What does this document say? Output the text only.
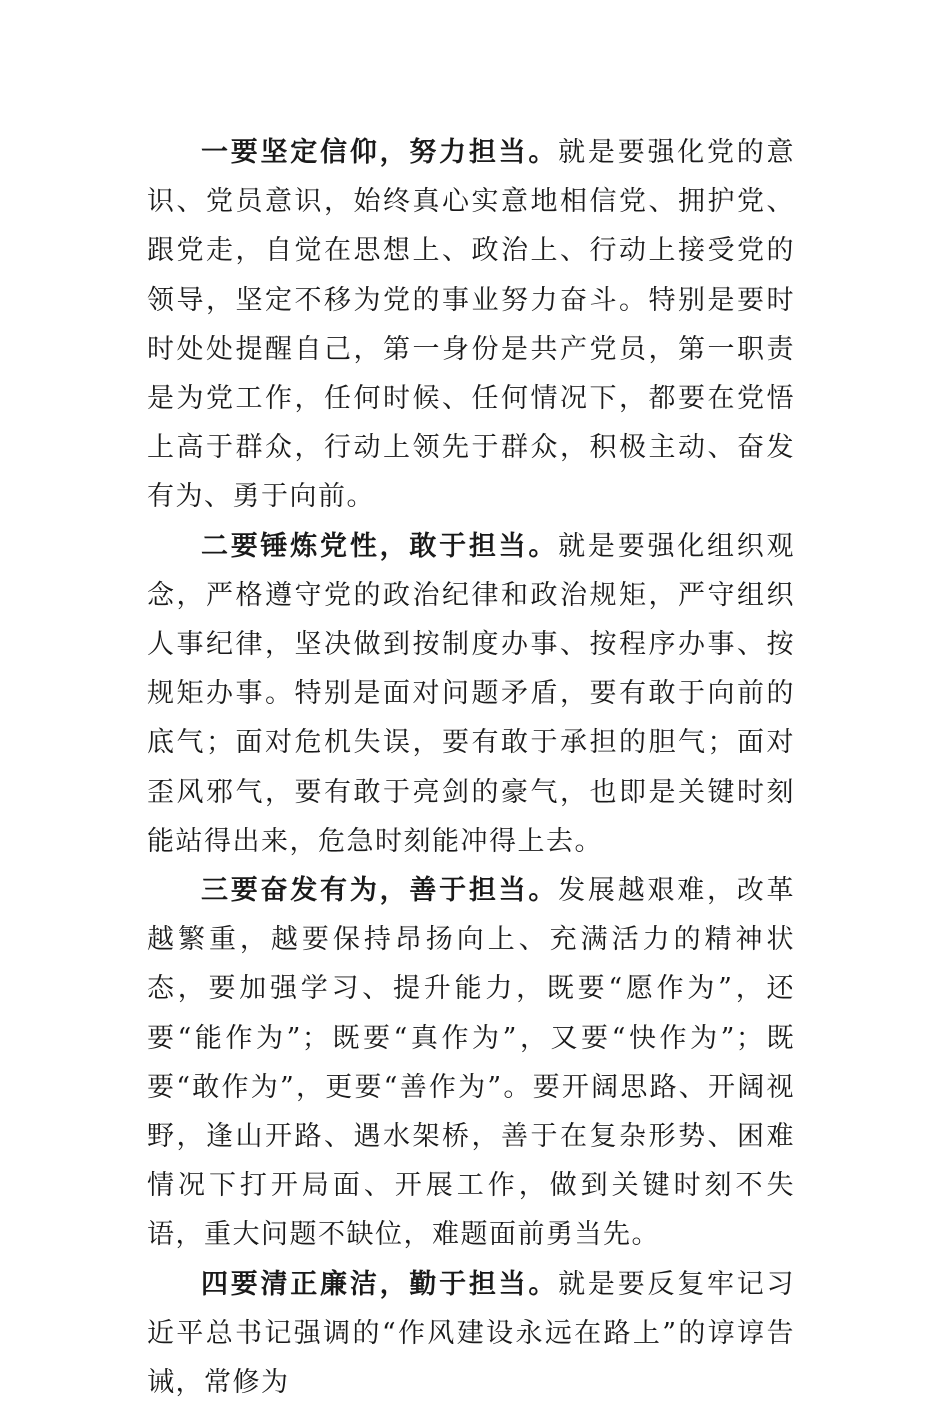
一要坚定信仰，努力担当。就是要强化党的意识、党员意识，始终真心实意地相信党、拥护党、跟党走，自觉在思想上、政治上、行动上接受党的领导，坚定不移为党的事业努力奋斗。特别是要时时处处提醒自己，第一身份是共产党员，第一职责是为党工作，任何时候、任何情况下，都要在党悟上高于群众，行动上领先于群众，积极主动、奋发有为、勇于向前。

二要锤炼党性，敢于担当。就是要强化组织观念，严格遵守党的政治纪律和政治规矩，严守组织人事纪律，坚决做到按制度办事、按程序办事、按规矩办事。特别是面对问题矛盾，要有敢于向前的底气；面对危机失误，要有敢于承担的胆气；面对歪风邪气，要有敢于亮剑的豪气，也即是关键时刻能站得出来，危急时刻能冲得上去。

三要奋发有为，善于担当。发展越艰难，改革越繁重，越要保持昂扬向上、充满活力的精神状态，要加强学习、提升能力，既要“愿作为”，还要“能作为”；既要“真作为”，又要“快作为”；既要“敢作为”，更要“善作为”。要开阔思路、开阔视野，逢山开路、遇水架桥，善于在复杂形势、困难情况下打开局面、开展工作，做到关键时刻不失语，重大问题不缺位，难题面前勇当先。

四要清正廉洁，勤于担当。就是要反复牢记习近平总书记强调的“作风建设永远在路上”的谆谆告诫，常修为
